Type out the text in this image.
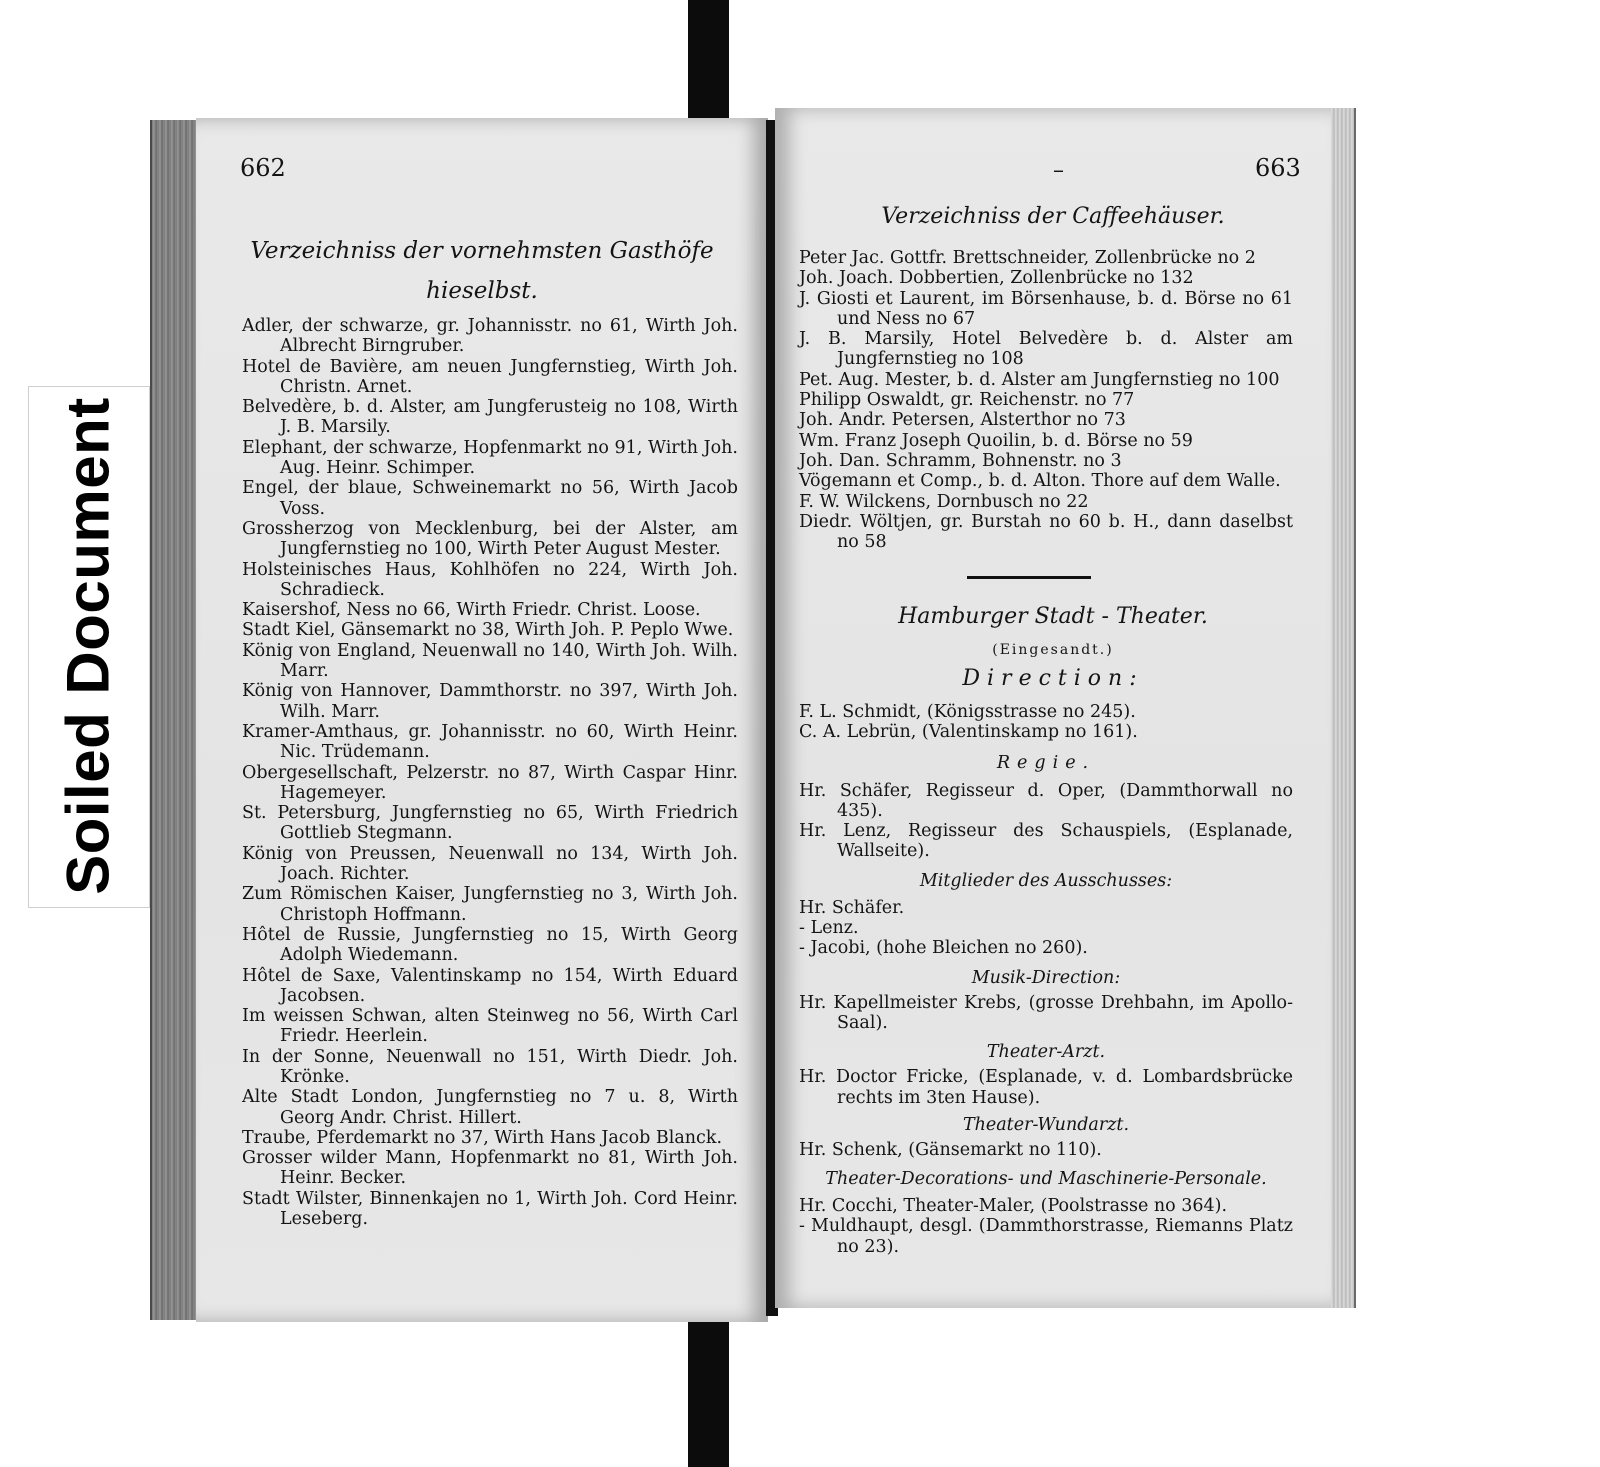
Soiled Document
662
Verzeichniss der vornehmsten Gasthöfe
hieselbst.
Adler, der schwarze, gr. Johannisstr. no 61, Wirth Joh. Albrecht Birngruber.
Hotel de Bavière, am neuen Jungfernstieg, Wirth Joh. Christn. Arnet.
Belvedère, b. d. Alster, am Jungferusteig no 108, Wirth J. B. Marsily.
Elephant, der schwarze, Hopfenmarkt no 91, Wirth Joh. Aug. Heinr. Schimper.
Engel, der blaue, Schweinemarkt no 56, Wirth Jacob Voss.
Grossherzog von Mecklenburg, bei der Alster, am Jungfernstieg no 100, Wirth Peter August Mester.
Holsteinisches Haus, Kohlhöfen no 224, Wirth Joh. Schradieck.
Kaisershof, Ness no 66, Wirth Friedr. Christ. Loose.
Stadt Kiel, Gänsemarkt no 38, Wirth Joh. P. Peplo Wwe.
König von England, Neuenwall no 140, Wirth Joh. Wilh. Marr.
König von Hannover, Dammthorstr. no 397, Wirth Joh. Wilh. Marr.
Kramer-Amthaus, gr. Johannisstr. no 60, Wirth Heinr. Nic. Trüdemann.
Obergesellschaft, Pelzerstr. no 87, Wirth Caspar Hinr. Hagemeyer.
St. Petersburg, Jungfernstieg no 65, Wirth Friedrich Gottlieb Stegmann.
König von Preussen, Neuenwall no 134, Wirth Joh. Joach. Richter.
Zum Römischen Kaiser, Jungfernstieg no 3, Wirth Joh. Christoph Hoffmann.
Hôtel de Russie, Jungfernstieg no 15, Wirth Georg Adolph Wiedemann.
Hôtel de Saxe, Valentinskamp no 154, Wirth Eduard Jacobsen.
Im weissen Schwan, alten Steinweg no 56, Wirth Carl Friedr. Heerlein.
In der Sonne, Neuenwall no 151, Wirth Diedr. Joh. Krönke.
Alte Stadt London, Jungfernstieg no 7 u. 8, Wirth Georg Andr. Christ. Hillert.
Traube, Pferdemarkt no 37, Wirth Hans Jacob Blanck.
Grosser wilder Mann, Hopfenmarkt no 81, Wirth Joh. Heinr. Becker.
Stadt Wilster, Binnenkajen no 1, Wirth Joh. Cord Heinr. Leseberg.
–	663
Verzeichniss der Caffeehäuser.
Peter Jac. Gottfr. Brettschneider, Zollenbrücke no 2
Joh. Joach. Dobbertien, Zollenbrücke no 132
J. Giosti et Laurent, im Börsenhause, b. d. Börse no 61 und Ness no 67
J. B. Marsily, Hotel Belvedère b. d. Alster am Jungfernstieg no 108
Pet. Aug. Mester, b. d. Alster am Jungfernstieg no 100
Philipp Oswaldt, gr. Reichenstr. no 77
Joh. Andr. Petersen, Alsterthor no 73
Wm. Franz Joseph Quoilin, b. d. Börse no 59
Joh. Dan. Schramm, Bohnenstr. no 3
Vögemann et Comp., b. d. Alton. Thore auf dem Walle.
F. W. Wilckens, Dornbusch no 22
Diedr. Wöltjen, gr. Burstah no 60 b. H., dann daselbst no 58
Hamburger Stadt - Theater.
(Eingesandt.)
Direction:
F. L. Schmidt, (Königsstrasse no 245).
C. A. Lebrün, (Valentinskamp no 161).
Regie.
Hr. Schäfer, Regisseur d. Oper, (Dammthorwall no 435).
Hr. Lenz, Regisseur des Schauspiels, (Esplanade, Wallseite).
Mitglieder des Ausschusses:
Hr. Schäfer.
- Lenz.
- Jacobi, (hohe Bleichen no 260).
Musik-Direction:
Hr. Kapellmeister Krebs, (grosse Drehbahn, im Apollo-Saal).
Theater-Arzt.
Hr. Doctor Fricke, (Esplanade, v. d. Lombardsbrücke rechts im 3ten Hause).
Theater-Wundarzt.
Hr. Schenk, (Gänsemarkt no 110).
Theater-Decorations- und Maschinerie-Personale.
Hr. Cocchi, Theater-Maler, (Poolstrasse no 364).
- Muldhaupt, desgl. (Dammthorstrasse, Riemanns Platz no 23).
